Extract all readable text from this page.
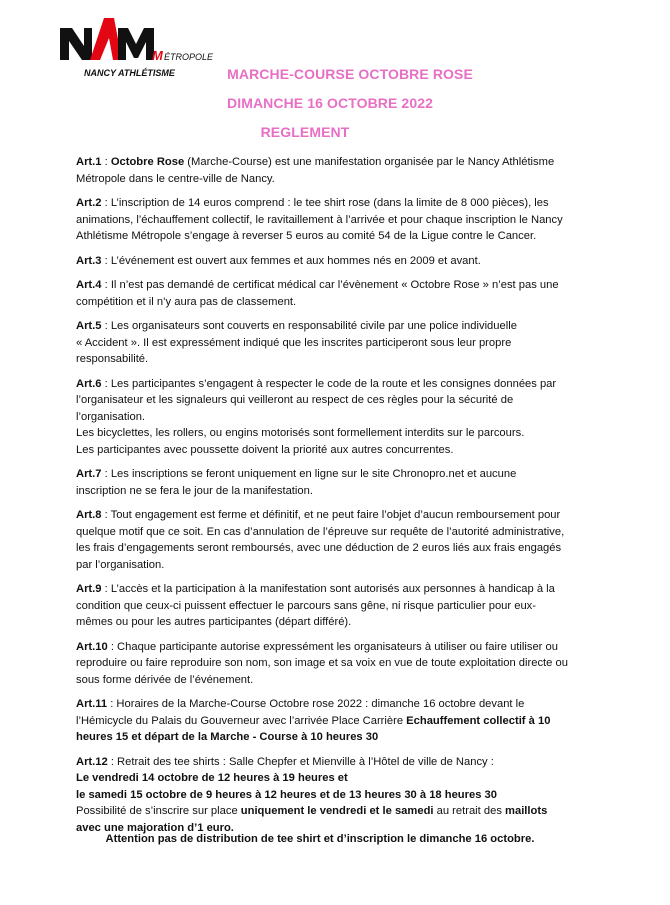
M ÉTROPOLE
NANCY ATHLÉTISME	MARCHE-COURSE OCTOBRE ROSE
DIMANCHE 16 OCTOBRE 2022
REGLEMENT

Art.1 : Octobre Rose (Marche-Course) est une manifestation organisée par le Nancy Athlétisme Métropole dans le centre-ville de Nancy.

Art.2 : L’inscription de 14 euros comprend : le tee shirt rose (dans la limite de 8 000 pièces), les animations, l’échauffement collectif, le ravitaillement à l’arrivée et pour chaque inscription le Nancy Athlétisme Métropole s’engage à reverser 5 euros au comité 54 de la Ligue contre le Cancer.

Art.3 : L’événement est ouvert aux femmes et aux hommes nés en 2009 et avant.

Art.4 : Il n’est pas demandé de certificat médical car l’évènement « Octobre Rose » n’est pas une compétition et il n’y aura pas de classement.

Art.5 : Les organisateurs sont couverts en responsabilité civile par une police individuelle
« Accident ». Il est expressément indiqué que les inscrites participeront sous leur propre responsabilité.

Art.6 : Les participantes s’engagent à respecter le code de la route et les consignes données par l’organisateur et les signaleurs qui veilleront au respect de ces règles pour la sécurité de l’organisation.
Les bicyclettes, les rollers, ou engins motorisés sont formellement interdits sur le parcours.
Les participantes avec poussette doivent la priorité aux autres concurrentes.

Art.7 : Les inscriptions se feront uniquement en ligne sur le site Chronopro.net et aucune inscription ne se fera le jour de la manifestation.

Art.8 : Tout engagement est ferme et définitif, et ne peut faire l’objet d’aucun remboursement pour quelque motif que ce soit. En cas d’annulation de l’épreuve sur requête de l’autorité administrative, les frais d’engagements seront remboursés, avec une déduction de 2 euros liés aux frais engagés par l’organisation.

Art.9 : L’accès et la participation à la manifestation sont autorisés aux personnes à handicap à la condition que ceux-ci puissent effectuer le parcours sans gêne, ni risque particulier pour eux-mêmes ou pour les autres participantes (départ différé).

Art.10 : Chaque participante autorise expressément les organisateurs à utiliser ou faire utiliser ou reproduire ou faire reproduire son nom, son image et sa voix en vue de toute exploitation directe ou sous forme dérivée de l’événement.

Art.11 : Horaires de la Marche-Course Octobre rose 2022 : dimanche 16 octobre devant le l’Hémicycle du Palais du Gouverneur avec l’arrivée Place Carrière Echauffement collectif à 10 heures 15 et départ de la Marche - Course à 10 heures 30

Art.12 : Retrait des tee shirts : Salle Chepfer et Mienville à l’Hôtel de ville de Nancy :
Le vendredi 14 octobre de 12 heures à 19 heures et
le samedi 15 octobre de 9 heures à 12 heures et de 13 heures 30 à 18 heures 30
Possibilité de s’inscrire sur place uniquement le vendredi et le samedi au retrait des maillots avec une majoration d’1 euro.

Attention pas de distribution de tee shirt et d’inscription le dimanche 16 octobre.
